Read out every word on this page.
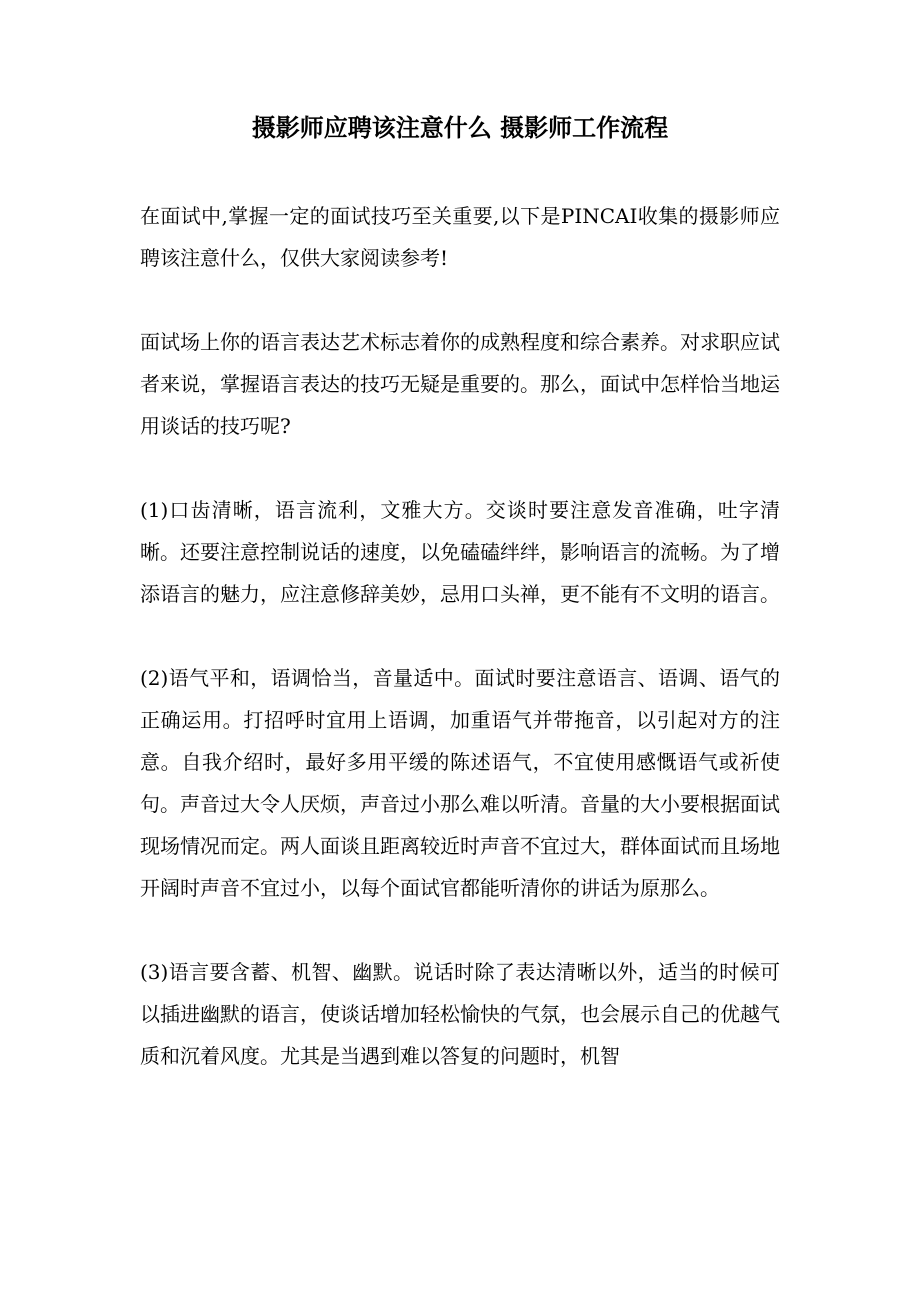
摄影师应聘该注意什么 摄影师工作流程

在面试中,掌握一定的面试技巧至关重要,以下是PINCAI收集的摄影师应聘该注意什么，仅供大家阅读参考!

面试场上你的语言表达艺术标志着你的成熟程度和综合素养。对求职应试者来说，掌握语言表达的技巧无疑是重要的。那么，面试中怎样恰当地运用谈话的技巧呢?

(1)口齿清晰，语言流利，文雅大方。交谈时要注意发音准确，吐字清晰。还要注意控制说话的速度，以免磕磕绊绊，影响语言的流畅。为了增添语言的魅力，应注意修辞美妙，忌用口头禅，更不能有不文明的语言。

(2)语气平和，语调恰当，音量适中。面试时要注意语言、语调、语气的正确运用。打招呼时宜用上语调，加重语气并带拖音，以引起对方的注意。自我介绍时，最好多用平缓的陈述语气，不宜使用感慨语气或祈使句。声音过大令人厌烦，声音过小那么难以听清。音量的大小要根据面试现场情况而定。两人面谈且距离较近时声音不宜过大，群体面试而且场地开阔时声音不宜过小，以每个面试官都能听清你的讲话为原那么。

(3)语言要含蓄、机智、幽默。说话时除了表达清晰以外，适当的时候可以插进幽默的语言，使谈话增加轻松愉快的气氛，也会展示自己的优越气质和沉着风度。尤其是当遇到难以答复的问题时，机智
